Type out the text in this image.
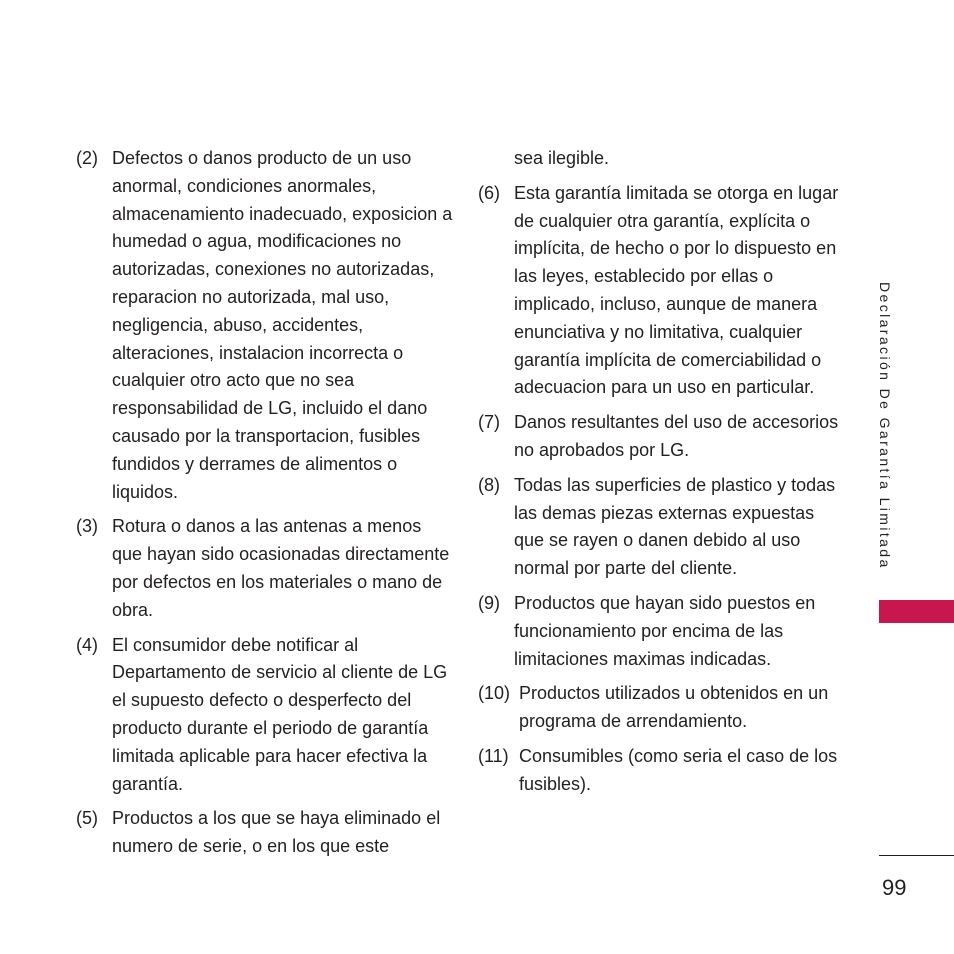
(2) Defectos o danos producto de un uso anormal, condiciones anormales, almacenamiento inadecuado, exposicion a humedad o agua, modificaciones no autorizadas, conexiones no autorizadas, reparacion no autorizada, mal uso, negligencia, abuso, accidentes, alteraciones, instalacion incorrecta o cualquier otro acto que no sea responsabilidad de LG, incluido el dano causado por la transportacion, fusibles fundidos y derrames de alimentos o liquidos.
(3) Rotura o danos a las antenas a menos que hayan sido ocasionadas directamente por defectos en los materiales o mano de obra.
(4) El consumidor debe notificar al Departamento de servicio al cliente de LG el supuesto defecto o desperfecto del producto durante el periodo de garantía limitada aplicable para hacer efectiva la garantía.
(5) Productos a los que se haya eliminado el numero de serie, o en los que este
sea ilegible.
(6) Esta garantía limitada se otorga en lugar de cualquier otra garantía, explícita o implícita, de hecho o por lo dispuesto en las leyes, establecido por ellas o implicado, incluso, aunque de manera enunciativa y no limitativa, cualquier garantía implícita de comerciabilidad o adecuacion para un uso en particular.
(7) Danos resultantes del uso de accesorios no aprobados por LG.
(8) Todas las superficies de plastico y todas las demas piezas externas expuestas que se rayen o danen debido al uso normal por parte del cliente.
(9) Productos que hayan sido puestos en funcionamiento por encima de las limitaciones maximas indicadas.
(10) Productos utilizados u obtenidos en un programa de arrendamiento.
(11) Consumibles (como seria el caso de los fusibles).
Declaración De Garantía Limitada
99
